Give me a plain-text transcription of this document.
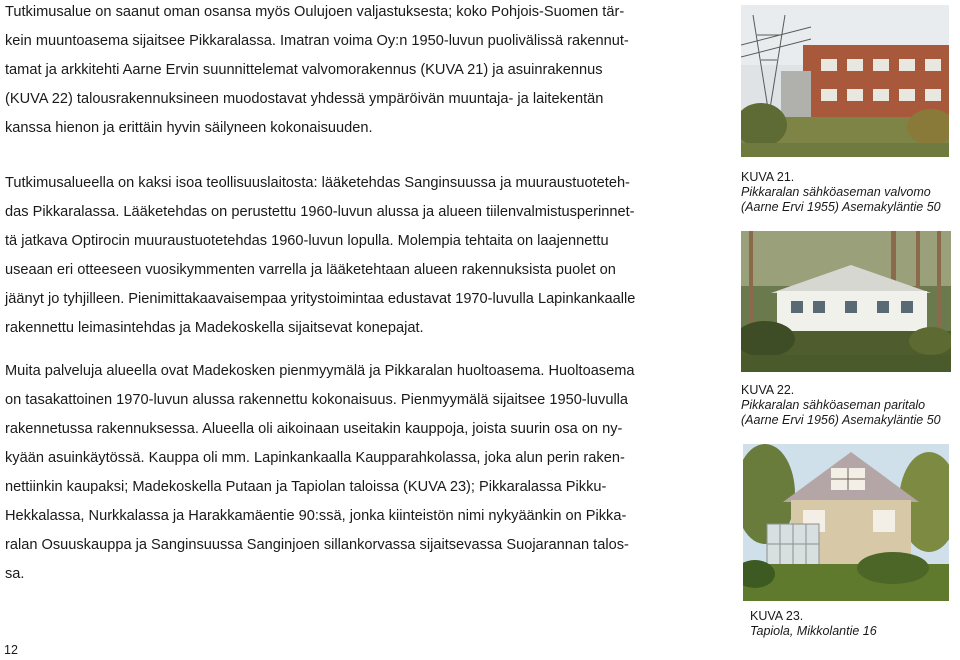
Tutkimusalue on saanut oman osansa myös Oulujoen valjastuksesta; koko Pohjois-Suomen tär-
kein muuntoasema sijaitsee Pikkaralassa. Imatran voima Oy:n 1950-luvun puolivälissä rakennut-
tamat ja arkkitehti Aarne Ervin suunnittelemat valvomorakennus (KUVA 21) ja asuinrakennus
(KUVA 22) talousrakennuksineen muodostavat yhdessä ympäröivän muuntaja- ja laitekentän
kanssa hienon ja erittäin hyvin säilyneen kokonaisuuden.

Tutkimusalueella on kaksi isoa teollisuuslaitosta: lääketehdas Sanginsuussa ja muuraustuoteteh-
das Pikkaralassa. Lääketehdas on perustettu 1960-luvun alussa ja alueen tiilenvalmistusperinnet-
tä jatkava Optirocin muuraustuotetehdas 1960-luvun lopulla. Molempia tehtaita on laajennettu
useaan eri otteeseen vuosikymmenten varrella ja lääketehtaan alueen rakennuksista puolet on
jäänyt jo tyhjilleen. Pienimittakaavaisempaa yritystoimintaa edustavat 1970-luvulla Lapinkankaalle
rakennettu leimasintehdas ja Madekoskella sijaitsevat konepajat.

Muita palveluja alueella ovat Madekosken pienmyymälä ja Pikkaralan huoltoasema. Huoltoasema
on tasakattoinen 1970-luvun alussa rakennettu kokonaisuus. Pienmyymälä sijaitsee 1950-luvulla
rakennetussa rakennuksessa. Alueella oli aikoinaan useitakin kauppoja, joista suurin osa on ny-
kyään asuinkäytössä. Kauppa oli mm. Lapinkankaalla Kaupparahkolassa, joka alun perin raken-
nettiinkin kaupaksi; Madekoskella Putaan ja Tapiolan taloissa (KUVA 23); Pikkaralassa Pikku-
Hekkalassa, Nurkkalassa ja Harakkamäentie 90:ssä, jonka kiinteistön nimi nykyäänkin on Pikka-
ralan Osuuskauppa ja Sanginsuussa Sanginjoen sillankorvassa sijaitsevassa Suojarannan talos-
sa.

KUVA 21.
Pikkaralan sähköaseman valvomo
(Aarne Ervi 1955) Asemakyläntie 50
KUVA 22.
Pikkaralan sähköaseman paritalo
(Aarne Ervi 1956) Asemakyläntie 50
KUVA 23.
Tapiola, Mikkolantie 16
12
